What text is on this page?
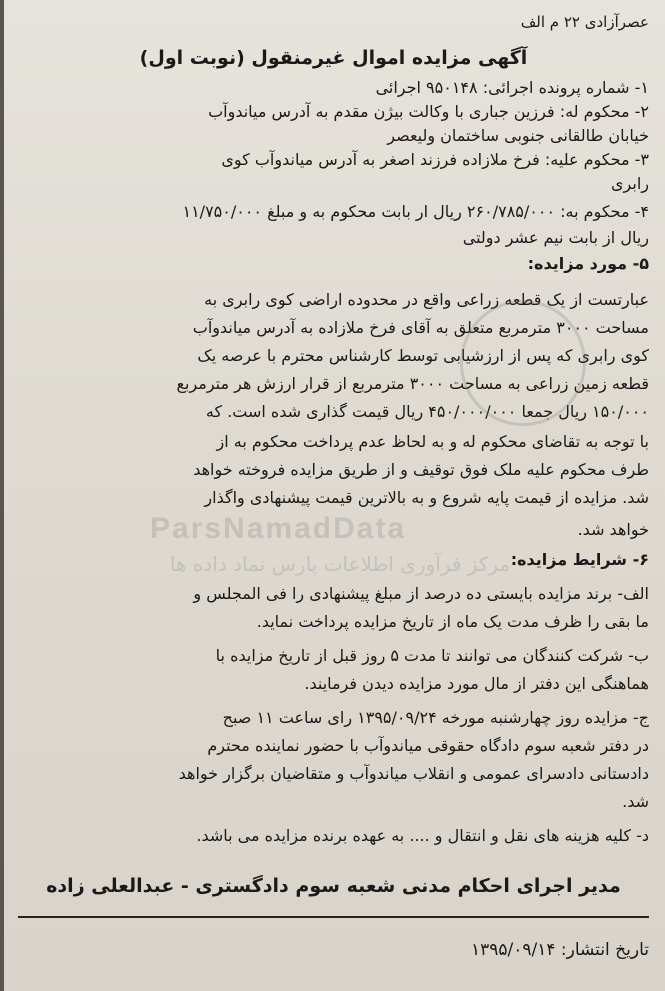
عصرآزادی ۲۲ م الف
آگهی مزایده اموال غیرمنقول (نوبت اول)
۱- شماره پرونده اجرائی: ۹۵۰۱۴۸ اجرائی
۲- محکوم له: فرزین جباری با وکالت بیژن مقدم به آدرس میاندوآب
خیابان طالقانی جنوبی ساختمان ولیعصر
۳- محکوم علیه: فرخ ملازاده فرزند اصغر به آدرس میاندوآب کوی
رابری
۴- محکوم به: ۲۶۰/۷۸۵/۰۰۰ ریال ار بابت محکوم به و مبلغ ۱۱/۷۵۰/۰۰۰
ریال از بابت نیم عشر دولتی
۵- مورد مزایده:
عبارتست از یک قطعه زراعی واقع در محدوده اراضی کوی رابری به
مساحت ۳۰۰۰ مترمربع متعلق به آقای فرخ ملازاده به آدرس میاندوآب
کوی رابری که پس از ارزشیابی توسط کارشناس محترم با عرصه یک
قطعه زمین زراعی به مساحت ۳۰۰۰ مترمربع از قرار ارزش هر مترمربع
۱۵۰/۰۰۰ ریال جمعا ۴۵۰/۰۰۰/۰۰۰ ریال قیمت گذاری شده است. که
با توجه به تقاضای محکوم له و به لحاظ عدم پرداخت محکوم به از
طرف محکوم علیه ملک فوق توقیف و از طریق مزایده فروخته خواهد
شد. مزایده از قیمت پایه شروع و به بالاترین قیمت پیشنهادی واگذار
خواهد شد.
۶- شرایط مزایده:
الف- برند مزایده بایستی ده درصد از مبلغ پیشنهادی را فی المجلس و
ما بقی را ظرف مدت یک ماه از تاریخ مزایده پرداخت نماید.
ب- شرکت کنندگان می توانند تا مدت ۵ روز قبل از تاریخ مزایده با
هماهنگی این دفتر از مال مورد مزایده دیدن فرمایند.
ج- مزایده روز چهارشنبه مورخه ۱۳۹۵/۰۹/۲۴ رای ساعت ۱۱ صبح
در دفتر شعبه سوم دادگاه حقوقی میاندوآب با حضور نماینده محترم
دادستانی دادسرای عمومی و انقلاب میاندوآب و متقاضیان برگزار خواهد
شد.
د- کلیه هزینه های نقل و انتقال و .... به عهده برنده مزایده می باشد.
مدیر اجرای احکام مدنی شعبه سوم دادگستری - عبدالعلی زاده
تاریخ انتشار: ۱۳۹۵/۰۹/۱۴
ParsNamadData
مرکز فرآوری اطلاعات پارس نماد داده ها
